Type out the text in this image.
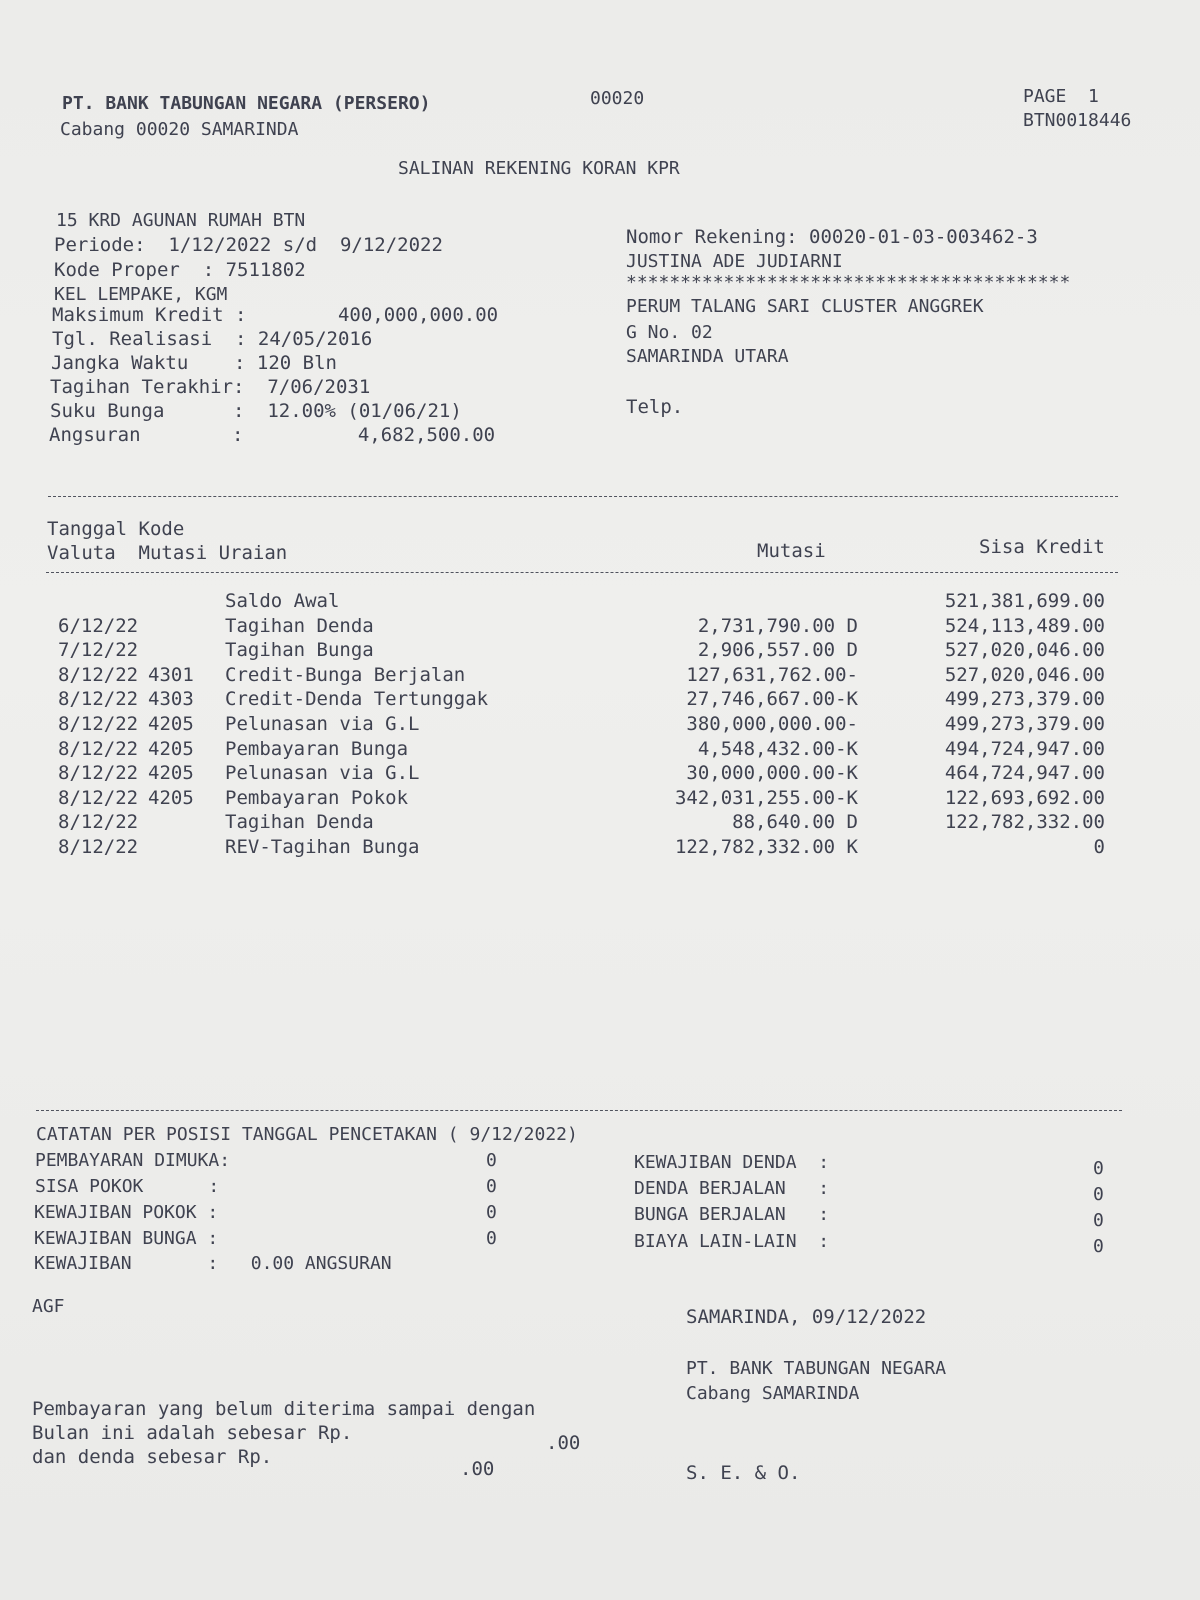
PT. BANK TABUNGAN NEGARA (PERSERO)
Cabang 00020 SAMARINDA
00020	PAGE  1
BTN0018446
SALINAN REKENING KORAN KPR
15 KRD AGUNAN RUMAH BTN
Periode:  1/12/2022 s/d  9/12/2022
Kode Proper  : 7511802
KEL LEMPAKE, KGM
Maksimum Kredit :        400,000,000.00
Tgl. Realisasi  : 24/05/2016
Jangka Waktu    : 120 Bln
Tagihan Terakhir:  7/06/2031
Suku Bunga      :  12.00% (01/06/21)
Angsuran        :          4,682,500.00
Nomor Rekening: 00020-01-03-003462-3
JUSTINA ADE JUDIARNI
*****************************************
PERUM TALANG SARI CLUSTER ANGGREK
G No. 02
SAMARINDA UTARA
Telp.
Tanggal Kode
Valuta  Mutasi Uraian	Mutasi	Sisa Kredit
Saldo Awal	521,381,699.00
6/12/22	Tagihan Denda	2,731,790.00 D	524,113,489.00
7/12/22	Tagihan Bunga	2,906,557.00 D	527,020,046.00
8/12/22 4301 Credit-Bunga Berjalan	127,631,762.00-	527,020,046.00
8/12/22 4303 Credit-Denda Tertunggak	27,746,667.00-K	499,273,379.00
8/12/22 4205 Pelunasan via G.L	380,000,000.00-	499,273,379.00
8/12/22 4205 Pembayaran Bunga	4,548,432.00-K	494,724,947.00
8/12/22 4205 Pelunasan via G.L	30,000,000.00-K	464,724,947.00
8/12/22 4205 Pembayaran Pokok	342,031,255.00-K	122,693,692.00
8/12/22	Tagihan Denda	88,640.00 D	122,782,332.00
8/12/22	REV-Tagihan Bunga	122,782,332.00 K	0
CATATAN PER POSISI TANGGAL PENCETAKAN ( 9/12/2022)
PEMBAYARAN DIMUKA:	0
SISA POKOK      :	0
KEWAJIBAN POKOK :	0
KEWAJIBAN BUNGA :	0
KEWAJIBAN       :   0.00 ANGSURAN
KEWAJIBAN DENDA  :	0
DENDA BERJALAN   :	0
BUNGA BERJALAN   :	0
BIAYA LAIN-LAIN  :	0
AGF	SAMARINDA, 09/12/2022
PT. BANK TABUNGAN NEGARA
Cabang SAMARINDA
S. E. & O.
Pembayaran yang belum diterima sampai dengan
Bulan ini adalah sebesar Rp.	.00
dan denda sebesar Rp.
.00
